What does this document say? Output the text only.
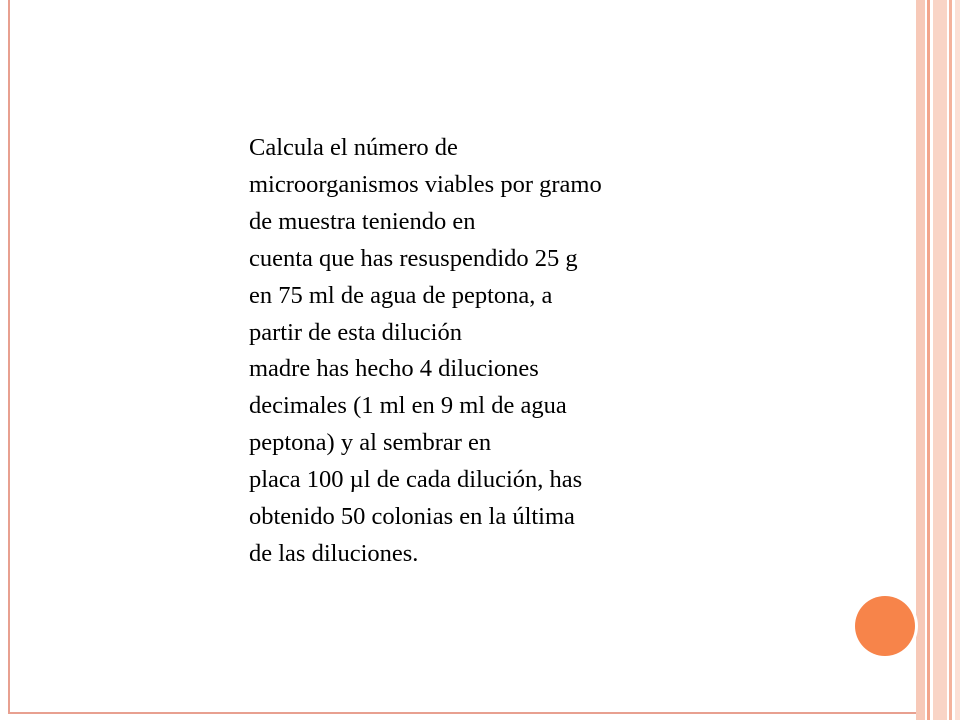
Calcula el número de
microorganismos viables por gramo
de muestra teniendo en
cuenta que has resuspendido 25 g
en 75 ml de agua de peptona, a
partir de esta dilución
madre has hecho 4 diluciones
decimales (1 ml en 9 ml de agua
peptona) y al sembrar en
placa 100 µl de cada dilución, has
obtenido 50 colonias en la última
de las diluciones.
